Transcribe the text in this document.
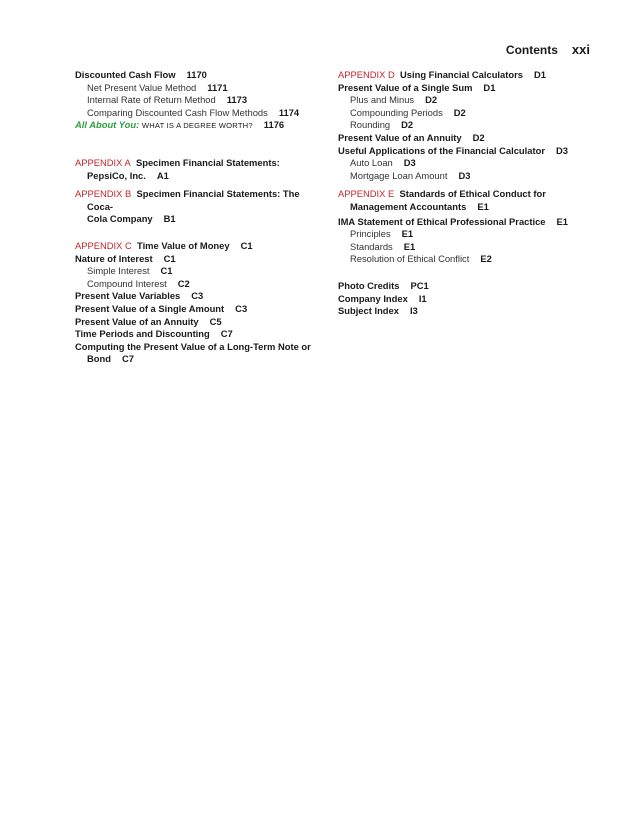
Contents xxi
Discounted Cash Flow 1170
Net Present Value Method 1171
Internal Rate of Return Method 1173
Comparing Discounted Cash Flow Methods 1174
All About You: WHAT IS A DEGREE WORTH? 1176
APPENDIX A Specimen Financial Statements:
PepsiCo, Inc. A1
APPENDIX B Specimen Financial Statements: The Coca-
Cola Company B1
APPENDIX C Time Value of Money C1
Nature of Interest C1
Simple Interest C1
Compound Interest C2
Present Value Variables C3
Present Value of a Single Amount C3
Present Value of an Annuity C5
Time Periods and Discounting C7
Computing the Present Value of a Long-Term Note or
Bond C7
APPENDIX D Using Financial Calculators D1
Present Value of a Single Sum D1
Plus and Minus D2
Compounding Periods D2
Rounding D2
Present Value of an Annuity D2
Useful Applications of the Financial Calculator D3
Auto Loan D3
Mortgage Loan Amount D3
APPENDIX E Standards of Ethical Conduct for
Management Accountants E1
IMA Statement of Ethical Professional Practice E1
Principles E1
Standards E1
Resolution of Ethical Conflict E2
Photo Credits PC1
Company Index I1
Subject Index I3
